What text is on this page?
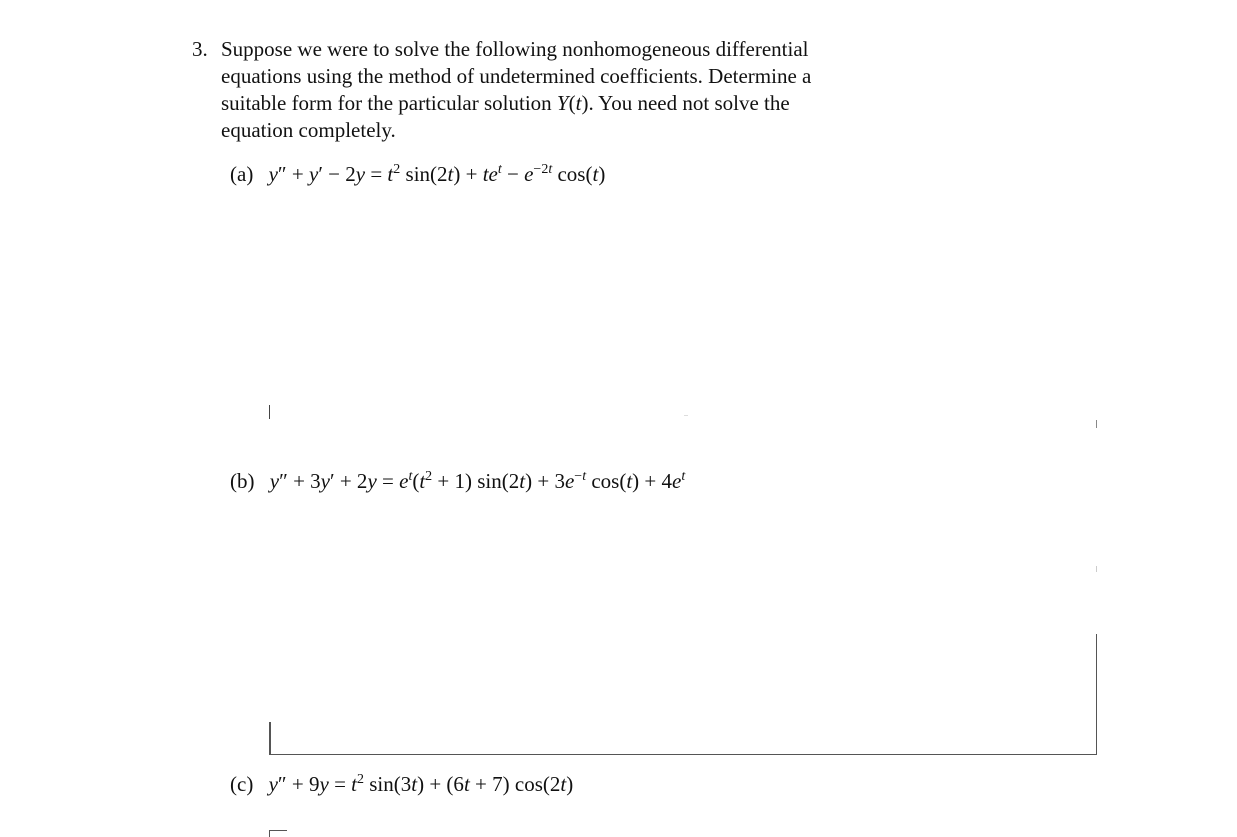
3. Suppose we were to solve the following nonhomogeneous differential
equations using the method of undetermined coefficients. Determine a
suitable form for the particular solution Y(t). You need not solve the
equation completely.
(a) $y'' + y' - 2y = t^2$ $\sin(2t) + te^t - e^{-2t}$ cos(t)
(b) $y'' + 3y' + 2y = e^t(t^2 + 1) \sin(2t) + 3e^{-t}$ $\cos(t) + 4e^t$
(c) $y'' + 9y = t^2$ sin(3t) + (6t + 7) cos(2t)
